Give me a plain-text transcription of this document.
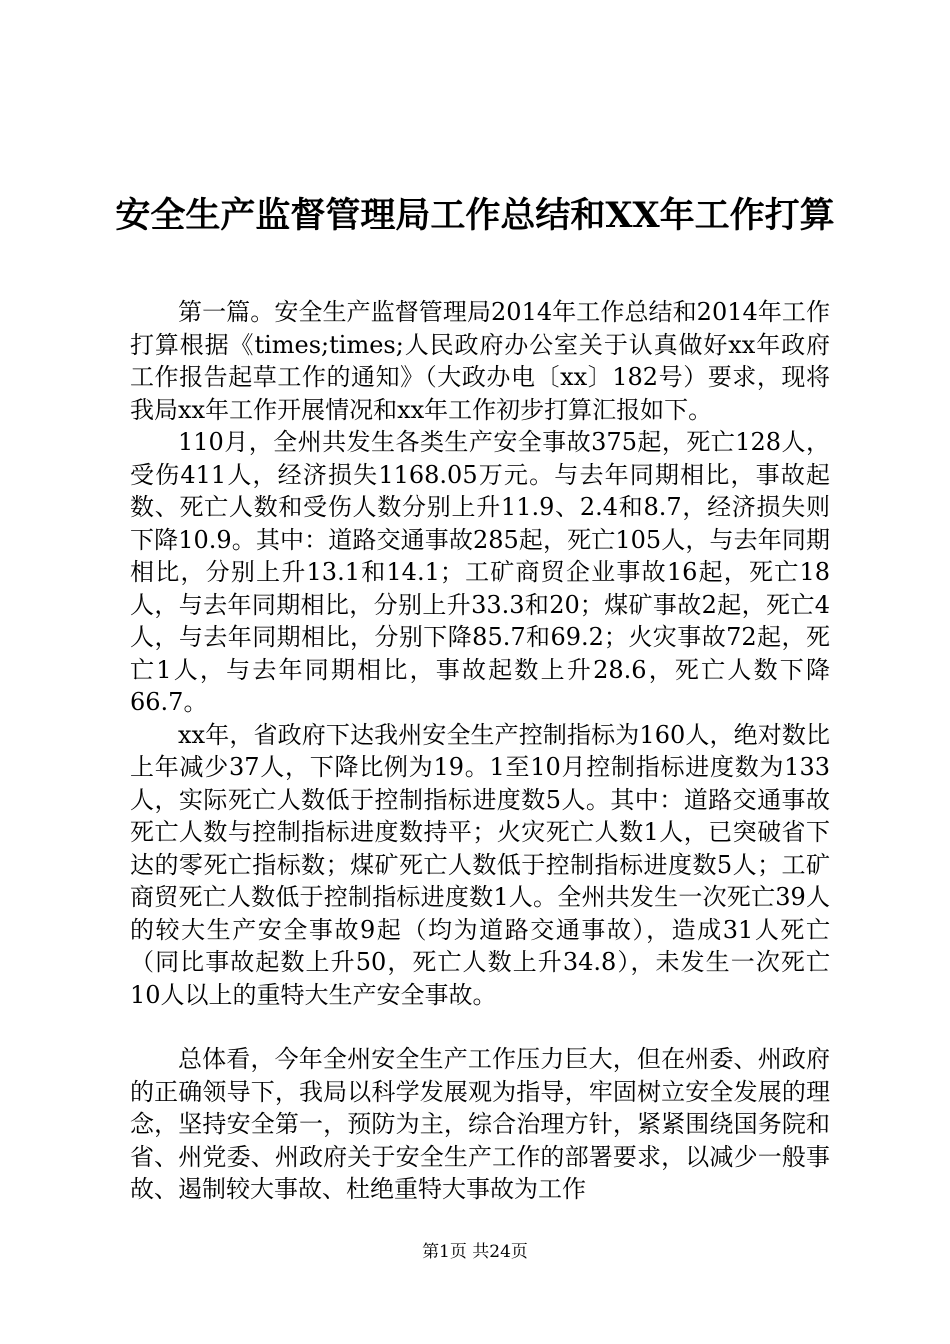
安全生产监督管理局工作总结和XX年工作打算

第一篇。安全生产监督管理局2014年工作总结和2014年工作打算根据《times;times;人民政府办公室关于认真做好xx年政府工作报告起草工作的通知》（大政办电〔xx〕182号）要求，现将我局xx年工作开展情况和xx年工作初步打算汇报如下。

110月，全州共发生各类生产安全事故375起，死亡128人，受伤411人，经济损失1168.05万元。与去年同期相比，事故起数、死亡人数和受伤人数分别上升11.9、2.4和8.7，经济损失则下降10.9。其中：道路交通事故285起，死亡105人，与去年同期相比，分别上升13.1和14.1；工矿商贸企业事故16起，死亡18人，与去年同期相比，分别上升33.3和20；煤矿事故2起，死亡4人，与去年同期相比，分别下降85.7和69.2；火灾事故72起，死亡1人，与去年同期相比，事故起数上升28.6，死亡人数下降66.7。

xx年，省政府下达我州安全生产控制指标为160人，绝对数比上年减少37人，下降比例为19。1至10月控制指标进度数为133人，实际死亡人数低于控制指标进度数5人。其中：道路交通事故死亡人数与控制指标进度数持平；火灾死亡人数1人，已突破省下达的零死亡指标数；煤矿死亡人数低于控制指标进度数5人；工矿商贸死亡人数低于控制指标进度数1人。全州共发生一次死亡39人的较大生产安全事故9起（均为道路交通事故），造成31人死亡（同比事故起数上升50，死亡人数上升34.8），未发生一次死亡10人以上的重特大生产安全事故。

总体看，今年全州安全生产工作压力巨大，但在州委、州政府的正确领导下，我局以科学发展观为指导，牢固树立安全发展的理念，坚持安全第一，预防为主，综合治理方针，紧紧围绕国务院和省、州党委、州政府关于安全生产工作的部署要求，以减少一般事故、遏制较大事故、杜绝重特大事故为工作

第1页 共24页
